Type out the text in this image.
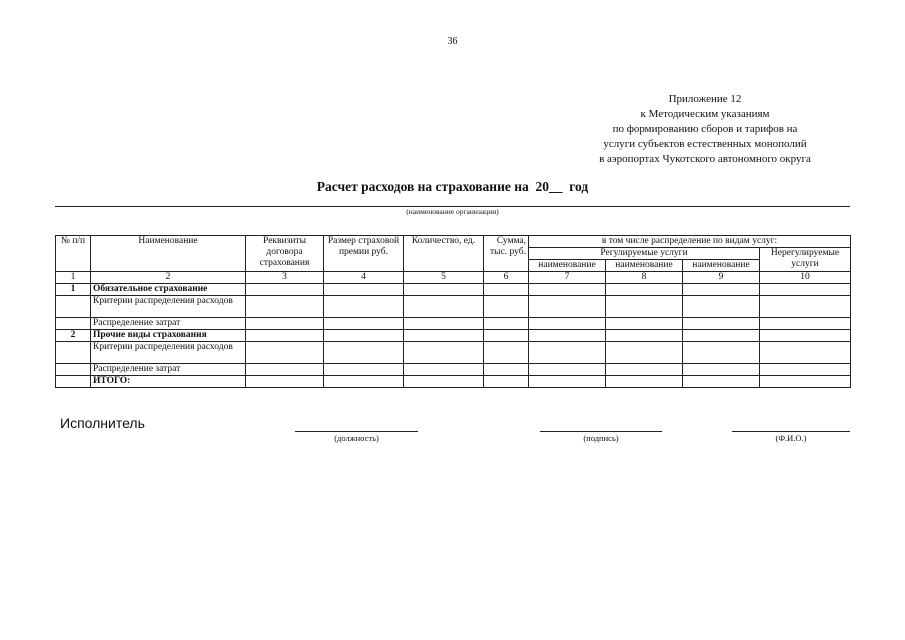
36
Приложение 12
к Методическим указаниям
по формированию сборов и тарифов на
услуги субъектов естественных монополий
в аэропортах Чукотского автономного округа
Расчет расходов на страхование на  20__  год
(наименование организации)
№ п/п	Наименование	Реквизиты договора страхования	Размер страховой премии руб.	Количество, ед.	Сумма, тыс. руб.	в том числе распределение по видам услуг:			
						Регулируемые услуги			Нерегулируемые услуги
						наименование	наименование	наименование	
1	2	3	4	5	6	7	8	9	10
1	Обязательное страхование								
	Критерии распределения расходов								
	Распределение затрат								
2	Прочие виды страхования								
	Критерии распределения расходов								
	Распределение затрат								
	ИТОГО:								
Исполнитель
(должность)	(подпись)	(Ф.И.О.)
